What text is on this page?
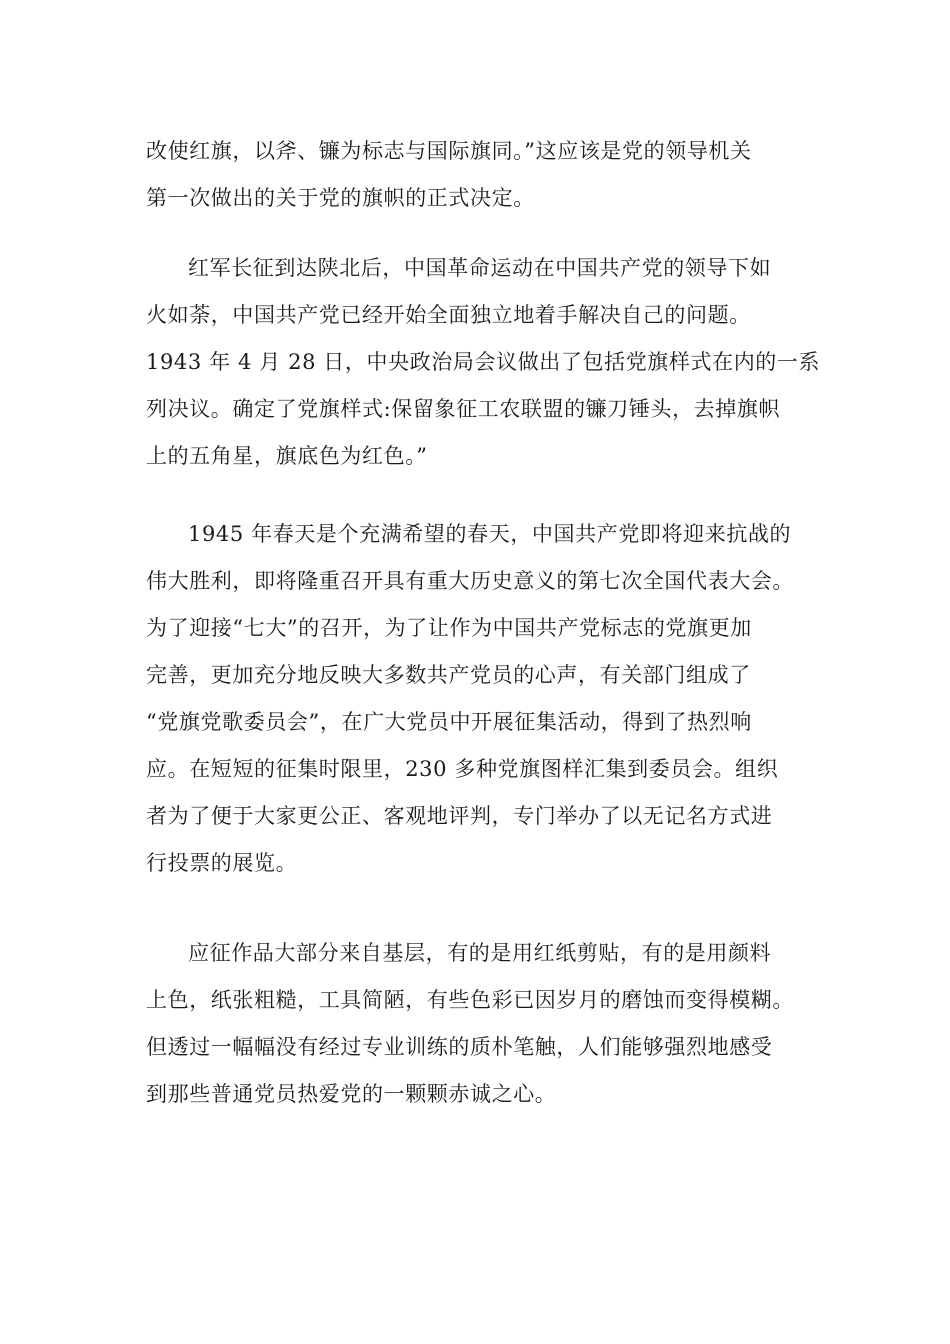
改使红旗，以斧、镰为标志与国际旗同。”这应该是党的领导机关
第一次做出的关于党的旗帜的正式决定。
红军长征到达陕北后，中国革命运动在中国共产党的领导下如
火如荼，中国共产党已经开始全面独立地着手解决自己的问题。
1943 年 4 月 28 日，中央政治局会议做出了包括党旗样式在内的一系
列决议。确定了党旗样式:保留象征工农联盟的镰刀锤头，去掉旗帜
上的五角星，旗底色为红色。”
1945 年春天是个充满希望的春天，中国共产党即将迎来抗战的
伟大胜利，即将隆重召开具有重大历史意义的第七次全国代表大会。
为了迎接“七大”的召开，为了让作为中国共产党标志的党旗更加
完善，更加充分地反映大多数共产党员的心声，有关部门组成了
“党旗党歌委员会”，在广大党员中开展征集活动，得到了热烈响
应。在短短的征集时限里，230 多种党旗图样汇集到委员会。组织
者为了便于大家更公正、客观地评判，专门举办了以无记名方式进
行投票的展览。
应征作品大部分来自基层，有的是用红纸剪贴，有的是用颜料
上色，纸张粗糙，工具简陋，有些色彩已因岁月的磨蚀而变得模糊。
但透过一幅幅没有经过专业训练的质朴笔触，人们能够强烈地感受
到那些普通党员热爱党的一颗颗赤诚之心。
